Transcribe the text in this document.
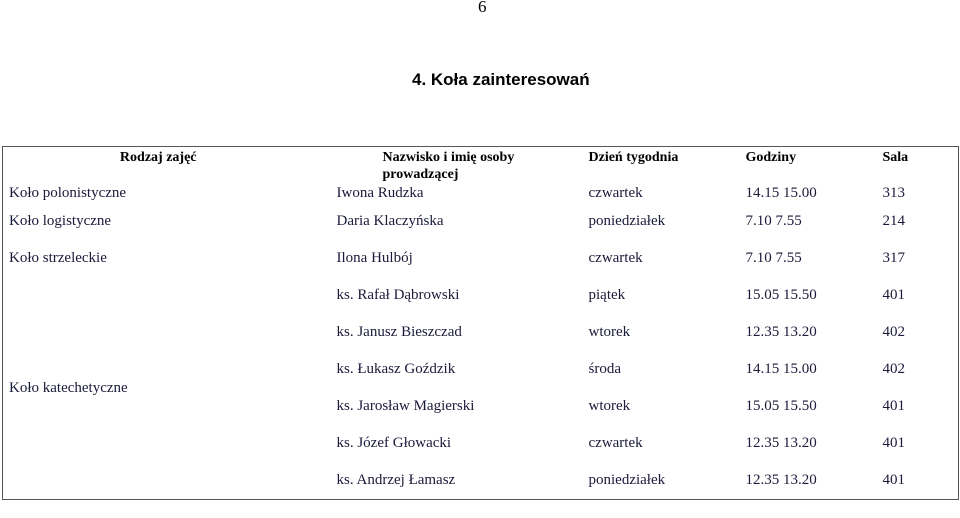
6
4. Koła zainteresowań
Rodzaj zajęć	Nazwisko i imię osoby prowadzącej	Dzień tygodnia	Godziny	Sala
Koło polonistyczne	Iwona Rudzka	czwartek	14.15 15.00	313
Koło logistyczne	Daria Klaczyńska	poniedziałek	7.10 7.55	214
Koło strzeleckie	Ilona Hulbój	czwartek	7.10 7.55	317
Koło katechetyczne	ks. Rafał Dąbrowski	piątek	15.05 15.50	401
	ks. Janusz Bieszczad	wtorek	12.35 13.20	402
	ks. Łukasz Goździk	środa	14.15 15.00	402
	ks. Jarosław Magierski	wtorek	15.05 15.50	401
	ks. Józef Głowacki	czwartek	12.35 13.20	401
	ks. Andrzej Łamasz	poniedziałek	12.35 13.20	401
